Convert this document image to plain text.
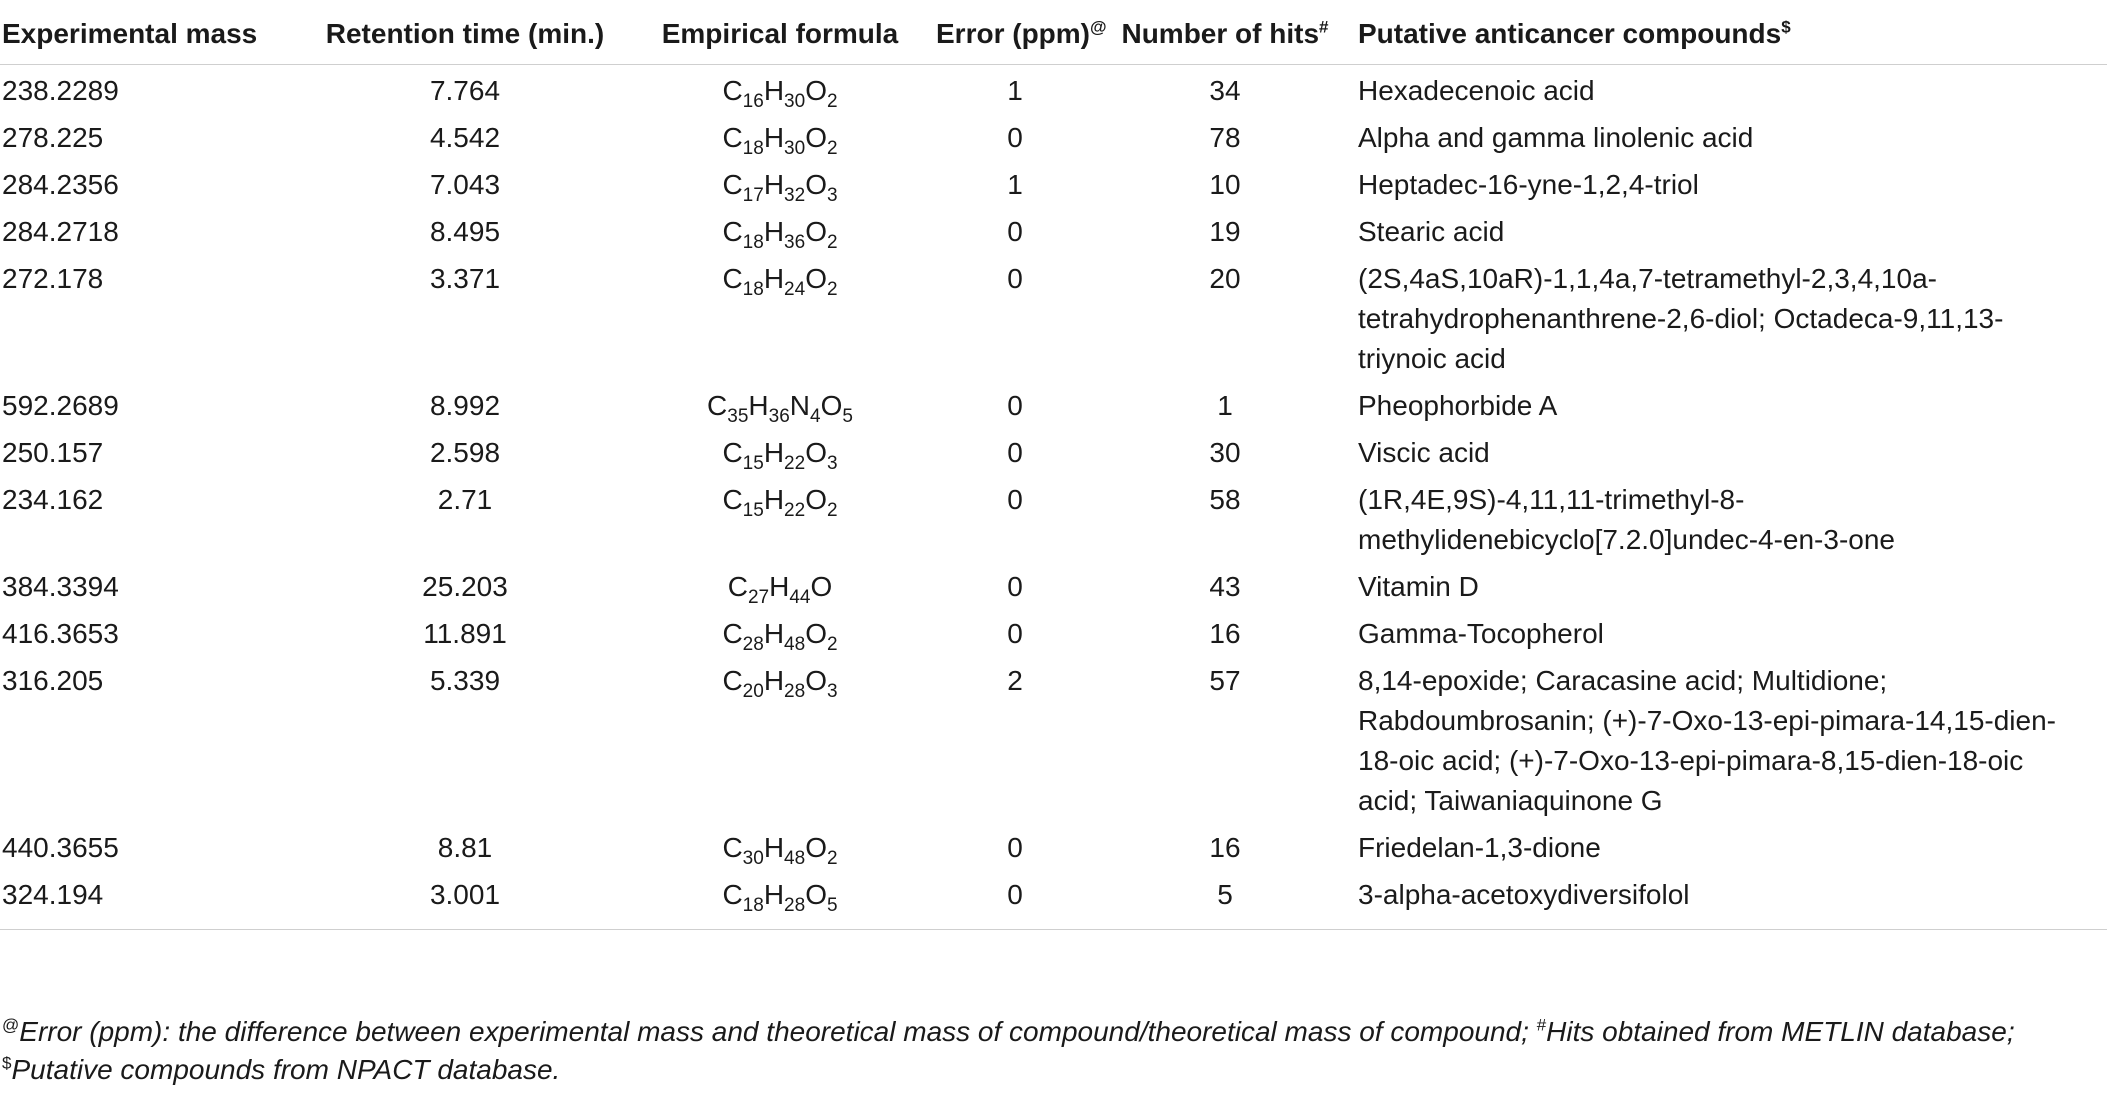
Experimental mass	Retention time (min.)	Empirical formula	Error (ppm)@	Number of hits#	Putative anticancer compounds$
238.2289	7.764	$C_{16}H_{30}O_2$	1	34	Hexadecenoic acid
278.225	4.542	$C_{18}H_{30}O_2$	0	78	Alpha and gamma linolenic acid
284.2356	7.043	$C_{17}H_{32}O_3$	1	10	Heptadec-16-yne-1,2,4-triol
284.2718	8.495	$C_{18}H_{36}O_2$	0	19	Stearic acid
272.178	3.371	$C_{18}H_{24}O_2$	0	20	(2S,4aS,10aR)-1,1,4a,7-tetramethyl-2,3,4,10a-tetrahydrophenanthrene-2,6-diol; Octadeca-9,11,13-triynoic acid
592.2689	8.992	$C_{35}H_{36}N_4O_5$	0	1	Pheophorbide A
250.157	2.598	$C_{15}H_{22}O_3$	0	30	Viscic acid
234.162	2.71	$C_{15}H_{22}O_2$	0	58	(1R,4E,9S)-4,11,11-trimethyl-8-methylidenebicyclo[7.2.0]undec-4-en-3-one
384.3394	25.203	$C_{27}H_{44}O$	0	43	Vitamin D
416.3653	11.891	$C_{28}H_{48}O_2$	0	16	Gamma-Tocopherol
316.205	5.339	$C_{20}H_{28}O_3$	2	57	8,14-epoxide; Caracasine acid; Multidione; Rabdoumbrosanin; (+)-7-Oxo-13-epi-pimara-14,15-dien-18-oic acid; (+)-7-Oxo-13-epi-pimara-8,15-dien-18-oic acid; Taiwaniaquinone G
440.3655	8.81	$C_{30}H_{48}O_2$	0	16	Friedelan-1,3-dione
324.194	3.001	$C_{18}H_{28}O_5$	0	5	3-alpha-acetoxydiversifolol
@Error (ppm): the difference between experimental mass and theoretical mass of compound/theoretical mass of compound; #Hits obtained from METLIN database; $Putative compounds from NPACT database.
